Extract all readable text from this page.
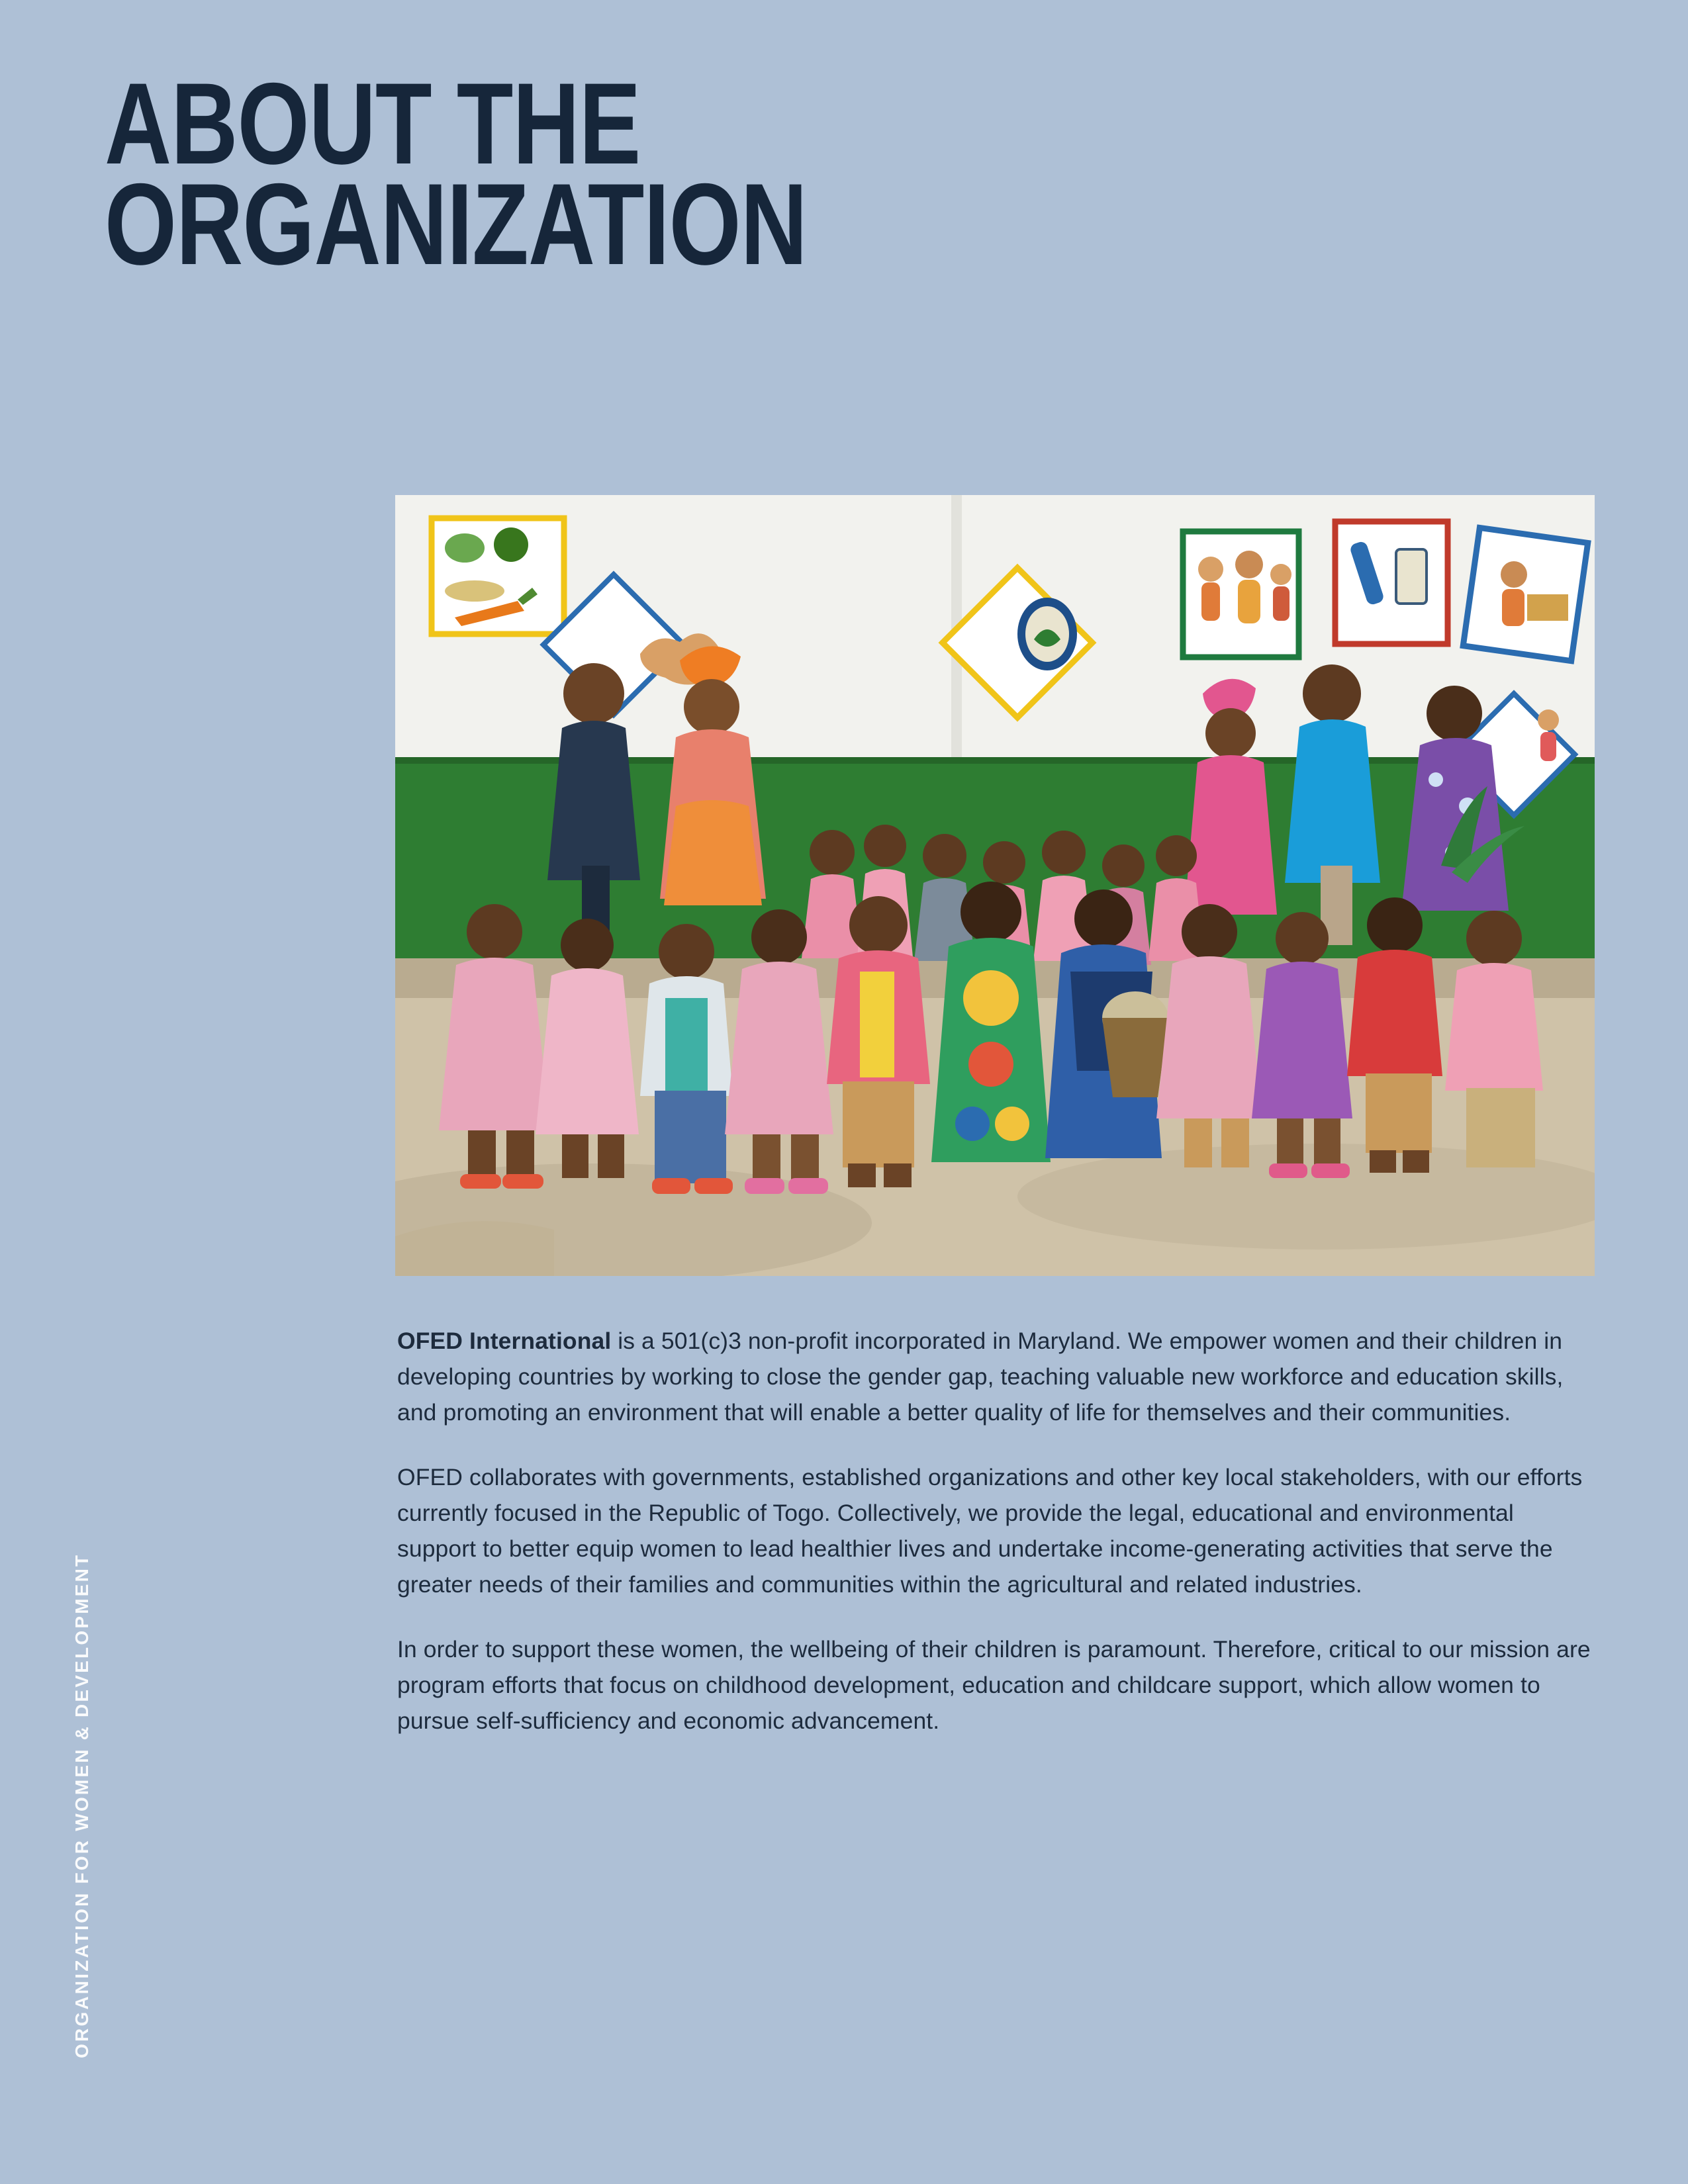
ABOUT THE
ORGANIZATION
ORGANIZATION FOR WOMEN & DEVELOPMENT

OFED International is a 501(c)3 non-profit incorporated in Maryland. We empower women and their children in developing countries by working to close the gender gap, teaching valuable new workforce and education skills, and promoting an environment that will enable a better quality of life for themselves and their communities.

OFED collaborates with governments, established organizations and other key local stakeholders, with our efforts currently focused in the Republic of Togo. Collectively, we provide the legal, educational and environmental support to better equip women to lead healthier lives and undertake income-generating activities that serve the greater needs of their families and communities within the agricultural and related industries.

In order to support these women, the wellbeing of their children is paramount. Therefore, critical to our mission are program efforts that focus on childhood development, education and childcare support, which allow women to pursue self-sufficiency and economic advancement.
